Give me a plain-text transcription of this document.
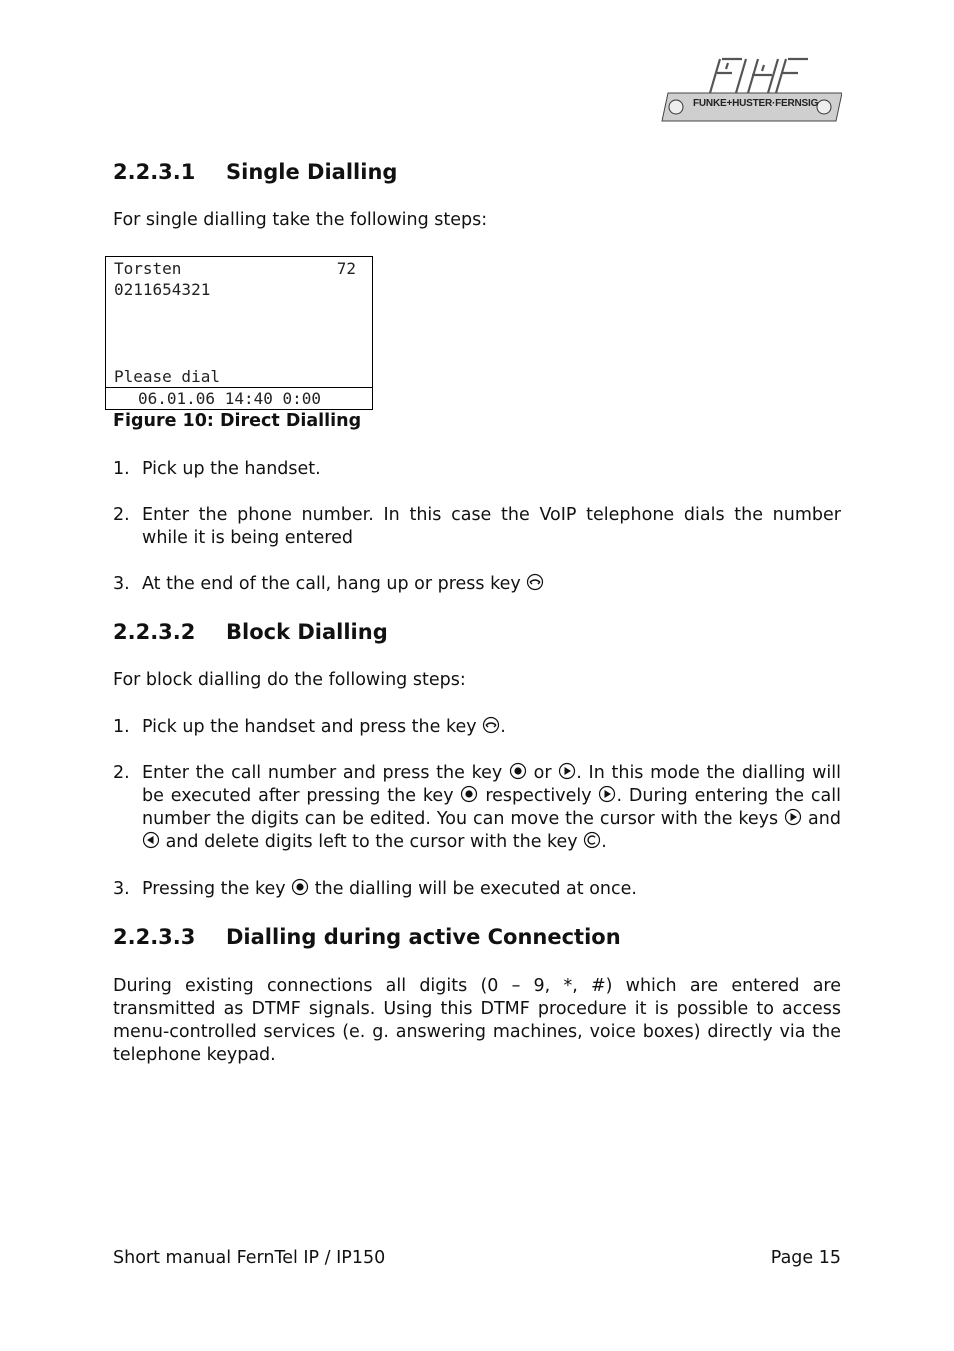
FUNKE+HUSTER·FERNSIG
2.2.3.1 Single Dialling
For single dialling take the following steps:
Torsten	72
0211654321
Please dial
06.01.06 14:40 0:00
Figure 10: Direct Dialling
1. Pick up the handset.
2. Enter the phone number. In this case the VoIP telephone dials the number while it is being entered
3. At the end of the call, hang up or press key
2.2.3.2 Block Dialling
For block dialling do the following steps:
1. Pick up the handset and press the key .
2. Enter the call number and press the key or . In this mode the dialling will be executed after pressing the key respectively . During entering the call number the digits can be edited. You can move the cursor with the keys and
and delete digits left to the cursor with the key .
3. Pressing the key the dialling will be executed at once.
2.2.3.3 Dialling during active Connection
During existing connections all digits (0 – 9, *, #) which are entered are transmitted as DTMF signals. Using this DTMF procedure it is possible to access menu-controlled services (e. g. answering machines, voice boxes) directly via the telephone keypad.
Short manual FernTel IP / IP150	Page 15
